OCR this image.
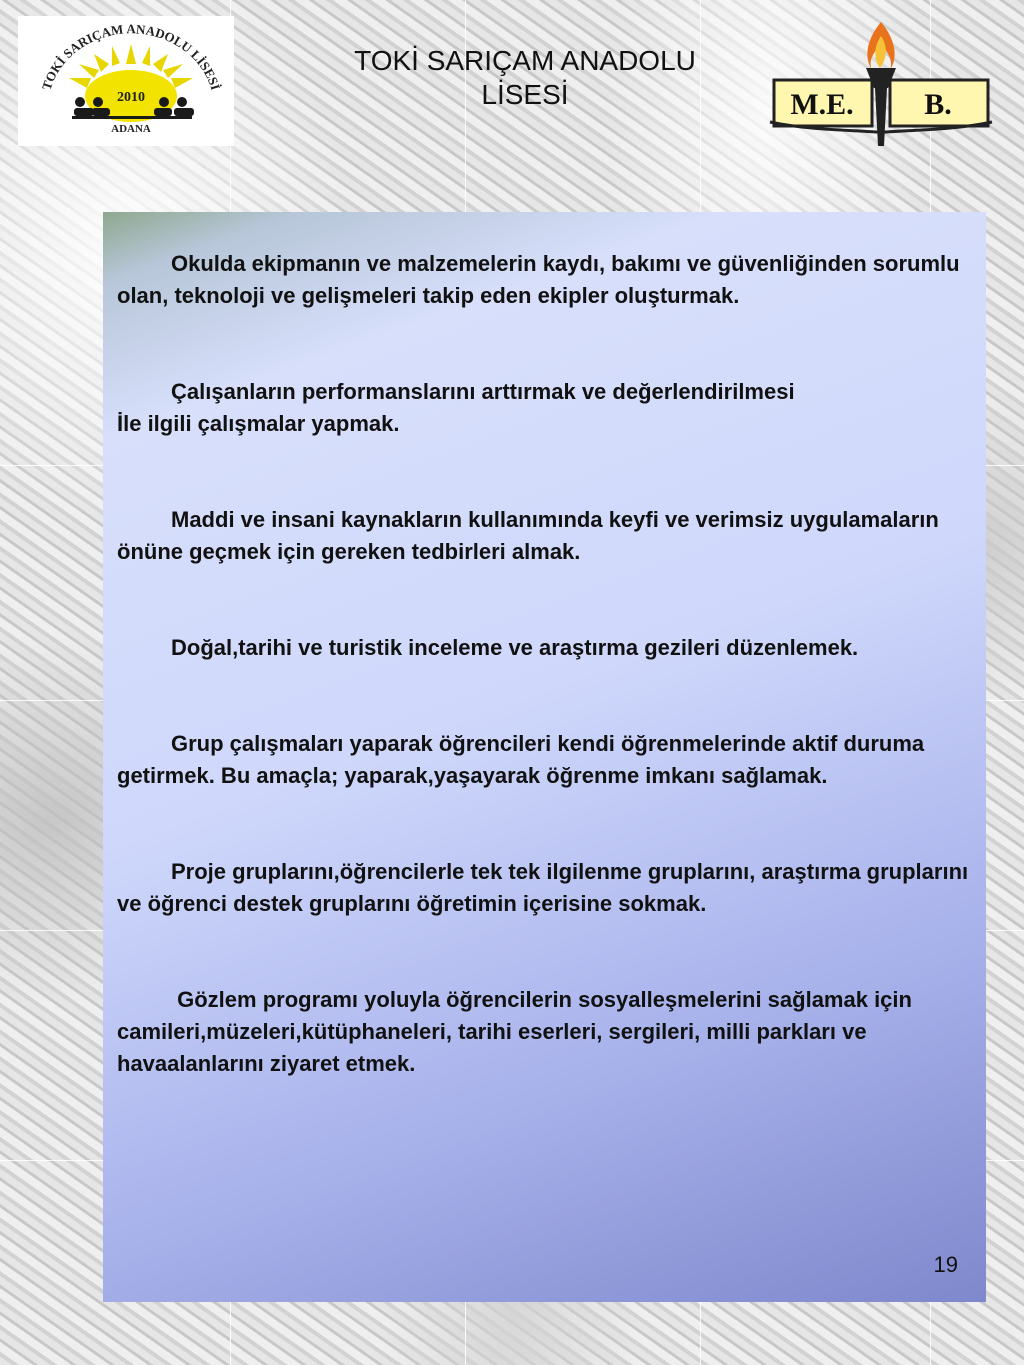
TOKİ SARIÇAM ANADOLU LİSESİ
2010
ADANA
TOKİ SARIÇAM ANADOLU
LİSESİ	M.E. B.

Okulda ekipmanın ve malzemelerin kaydı, bakımı ve güvenliğinden sorumlu olan, teknoloji ve gelişmeleri takip eden ekipler oluşturmak.

Çalışanların performanslarını arttırmak ve değerlendirilmesi

İle ilgili çalışmalar yapmak.

Maddi ve insani kaynakların kullanımında keyfi ve verimsiz uygulamaların önüne geçmek için gereken tedbirleri almak.

Doğal,tarihi ve turistik inceleme ve araştırma gezileri düzenlemek.

Grup çalışmaları yaparak öğrencileri kendi öğrenmelerinde aktif duruma getirmek. Bu amaçla; yaparak,yaşayarak öğrenme imkanı sağlamak.

Proje gruplarını,öğrencilerle tek tek ilgilenme gruplarını, araştırma gruplarını ve öğrenci destek gruplarını öğretimin içerisine sokmak.

Gözlem programı yoluyla öğrencilerin sosyalleşmelerini sağlamak için camileri,müzeleri,kütüphaneleri, tarihi eserleri, sergileri, milli parkları ve havaalanlarını ziyaret etmek.

19
